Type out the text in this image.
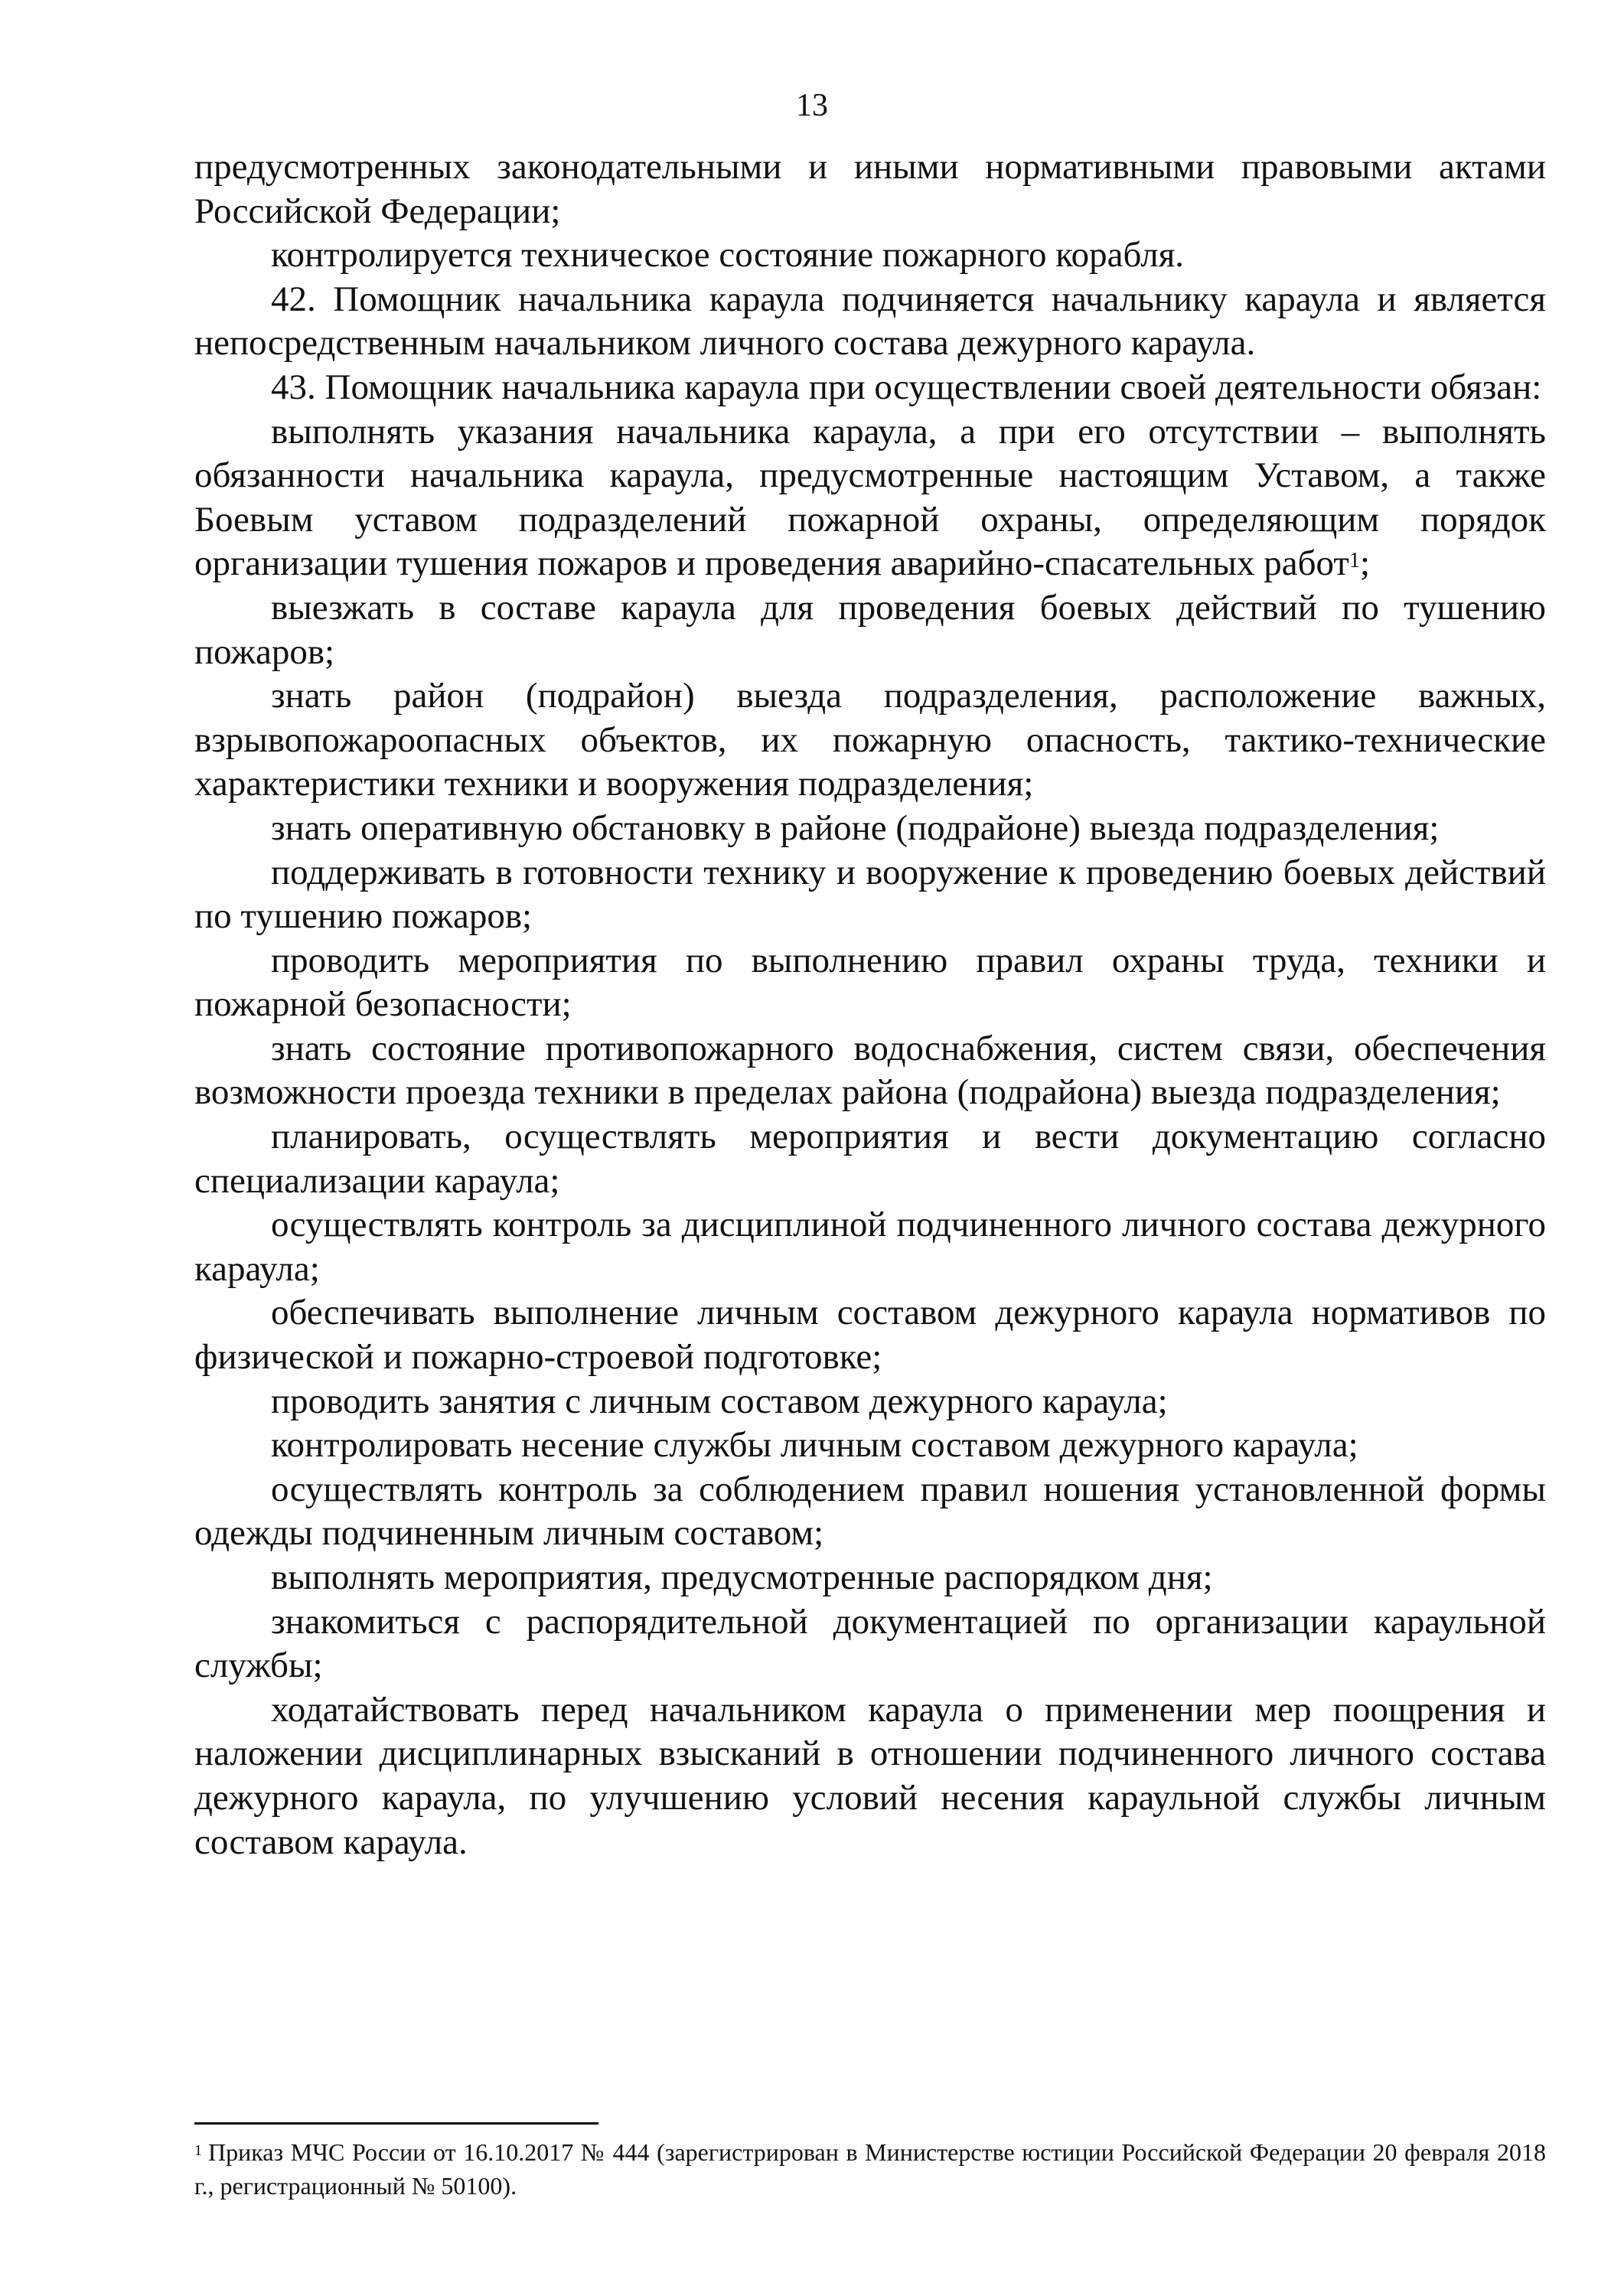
13

предусмотренных законодательными и иными нормативными правовыми актами Российской Федерации;

контролируется техническое состояние пожарного корабля.

42. Помощник начальника караула подчиняется начальнику караула и является непосредственным начальником личного состава дежурного караула.

43. Помощник начальника караула при осуществлении своей деятельности обязан:

выполнять указания начальника караула, а при его отсутствии – выполнять обязанности начальника караула, предусмотренные настоящим Уставом, а также Боевым уставом подразделений пожарной охраны, определяющим порядок организации тушения пожаров и проведения аварийно-спасательных работ$^1$;

выезжать в составе караула для проведения боевых действий по тушению пожаров;

знать район (подрайон) выезда подразделения, расположение важных, взрывопожароопасных объектов, их пожарную опасность, тактико-технические характеристики техники и вооружения подразделения;

знать оперативную обстановку в районе (подрайоне) выезда подразделения;

поддерживать в готовности технику и вооружение к проведению боевых действий по тушению пожаров;

проводить мероприятия по выполнению правил охраны труда, техники и пожарной безопасности;

знать состояние противопожарного водоснабжения, систем связи, обеспечения возможности проезда техники в пределах района (подрайона) выезда подразделения;

планировать, осуществлять мероприятия и вести документацию согласно специализации караула;

осуществлять контроль за дисциплиной подчиненного личного состава дежурного караула;

обеспечивать выполнение личным составом дежурного караула нормативов по физической и пожарно-строевой подготовке;

проводить занятия с личным составом дежурного караула;

контролировать несение службы личным составом дежурного караула;

осуществлять контроль за соблюдением правил ношения установленной формы одежды подчиненным личным составом;

выполнять мероприятия, предусмотренные распорядком дня;

знакомиться с распорядительной документацией по организации караульной службы;

ходатайствовать перед начальником караула о применении мер поощрения и наложении дисциплинарных взысканий в отношении подчиненного личного состава дежурного караула, по улучшению условий несения караульной службы личным составом караула.

$^1$ Приказ МЧС России от 16.10.2017 № 444 (зарегистрирован в Министерстве юстиции Российской Федерации 20 февраля 2018 г., регистрационный № 50100).
